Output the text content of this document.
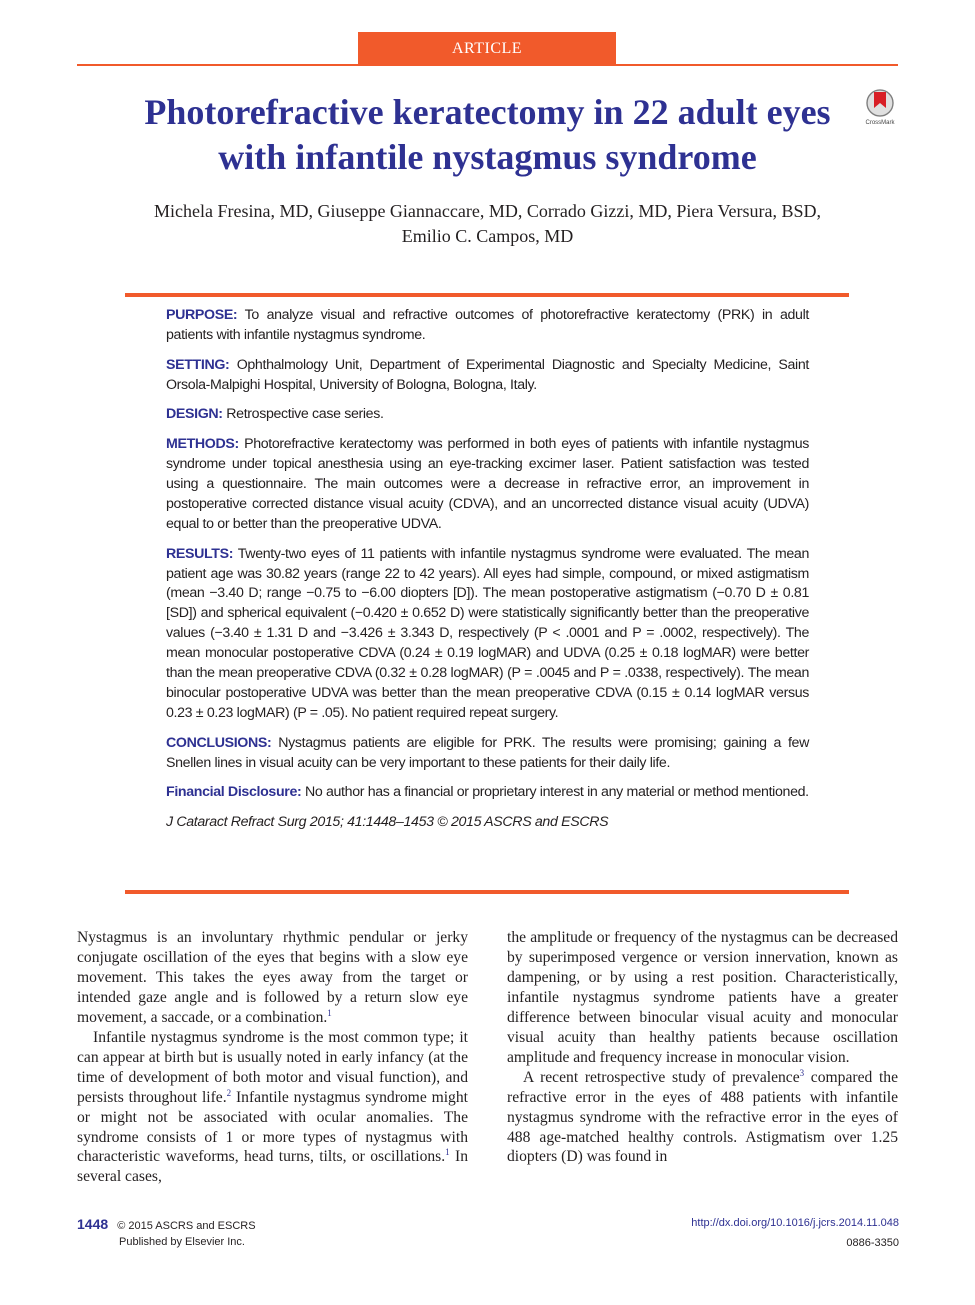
ARTICLE
Photorefractive keratectomy in 22 adult eyes with infantile nystagmus syndrome
CrossMark
Michela Fresina, MD, Giuseppe Giannaccare, MD, Corrado Gizzi, MD, Piera Versura, BSD,
Emilio C. Campos, MD

PURPOSE: To analyze visual and refractive outcomes of photorefractive keratectomy (PRK) in adult patients with infantile nystagmus syndrome.

SETTING: Ophthalmology Unit, Department of Experimental Diagnostic and Specialty Medicine, Saint Orsola-Malpighi Hospital, University of Bologna, Bologna, Italy.

DESIGN: Retrospective case series.

METHODS: Photorefractive keratectomy was performed in both eyes of patients with infantile nystagmus syndrome under topical anesthesia using an eye-tracking excimer laser. Patient satisfaction was tested using a questionnaire. The main outcomes were a decrease in refractive error, an improvement in postoperative corrected distance visual acuity (CDVA), and an uncorrected distance visual acuity (UDVA) equal to or better than the preoperative UDVA.

RESULTS: Twenty-two eyes of 11 patients with infantile nystagmus syndrome were evaluated. The mean patient age was 30.82 years (range 22 to 42 years). All eyes had simple, compound, or mixed astigmatism (mean −3.40 D; range −0.75 to −6.00 diopters [D]). The mean postoperative astigmatism (−0.70 D ± 0.81 [SD]) and spherical equivalent (−0.420 ± 0.652 D) were statistically significantly better than the preoperative values (−3.40 ± 1.31 D and −3.426 ± 3.343 D, respectively (P < .0001 and P = .0002, respectively). The mean monocular postoperative CDVA (0.24 ± 0.19 logMAR) and UDVA (0.25 ± 0.18 logMAR) were better than the mean preoperative CDVA (0.32 ± 0.28 logMAR) (P = .0045 and P = .0338, respectively). The mean binocular postoperative UDVA was better than the mean preoperative CDVA (0.15 ± 0.14 logMAR versus 0.23 ± 0.23 logMAR) (P = .05). No patient required repeat surgery.

CONCLUSIONS: Nystagmus patients are eligible for PRK. The results were promising; gaining a few Snellen lines in visual acuity can be very important to these patients for their daily life.

Financial Disclosure: No author has a financial or proprietary interest in any material or method mentioned.

J Cataract Refract Surg 2015; 41:1448–1453 © 2015 ASCRS and ESCRS

Nystagmus is an involuntary rhythmic pendular or jerky conjugate oscillation of the eyes that begins with a slow eye movement. This takes the eyes away from the target or intended gaze angle and is followed by a return slow eye movement, a saccade, or a combination.$^1$

Infantile nystagmus syndrome is the most common type; it can appear at birth but is usually noted in early infancy (at the time of development of both motor and visual function), and persists throughout life.$^2$ Infantile nystagmus syndrome might or might not be associated with ocular anomalies. The syndrome consists of 1 or more types of nystagmus with characteristic waveforms, head turns, tilts, or oscillations.$^1$ In several cases,

the amplitude or frequency of the nystagmus can be decreased by superimposed vergence or version innervation, known as dampening, or by using a rest position. Characteristically, infantile nystagmus syndrome patients have a greater difference between binocular visual acuity and monocular visual acuity than healthy patients because oscillation amplitude and frequency increase in monocular vision.

A recent retrospective study of prevalence$^3$ compared the refractive error in the eyes of 488 patients with infantile nystagmus syndrome with the refractive error in the eyes of 488 age-matched healthy controls. Astigmatism over 1.25 diopters (D) was found in

1448 © 2015 ASCRS and ESCRS
Published by Elsevier Inc.
http://dx.doi.org/10.1016/j.jcrs.2014.11.048
0886-3350
